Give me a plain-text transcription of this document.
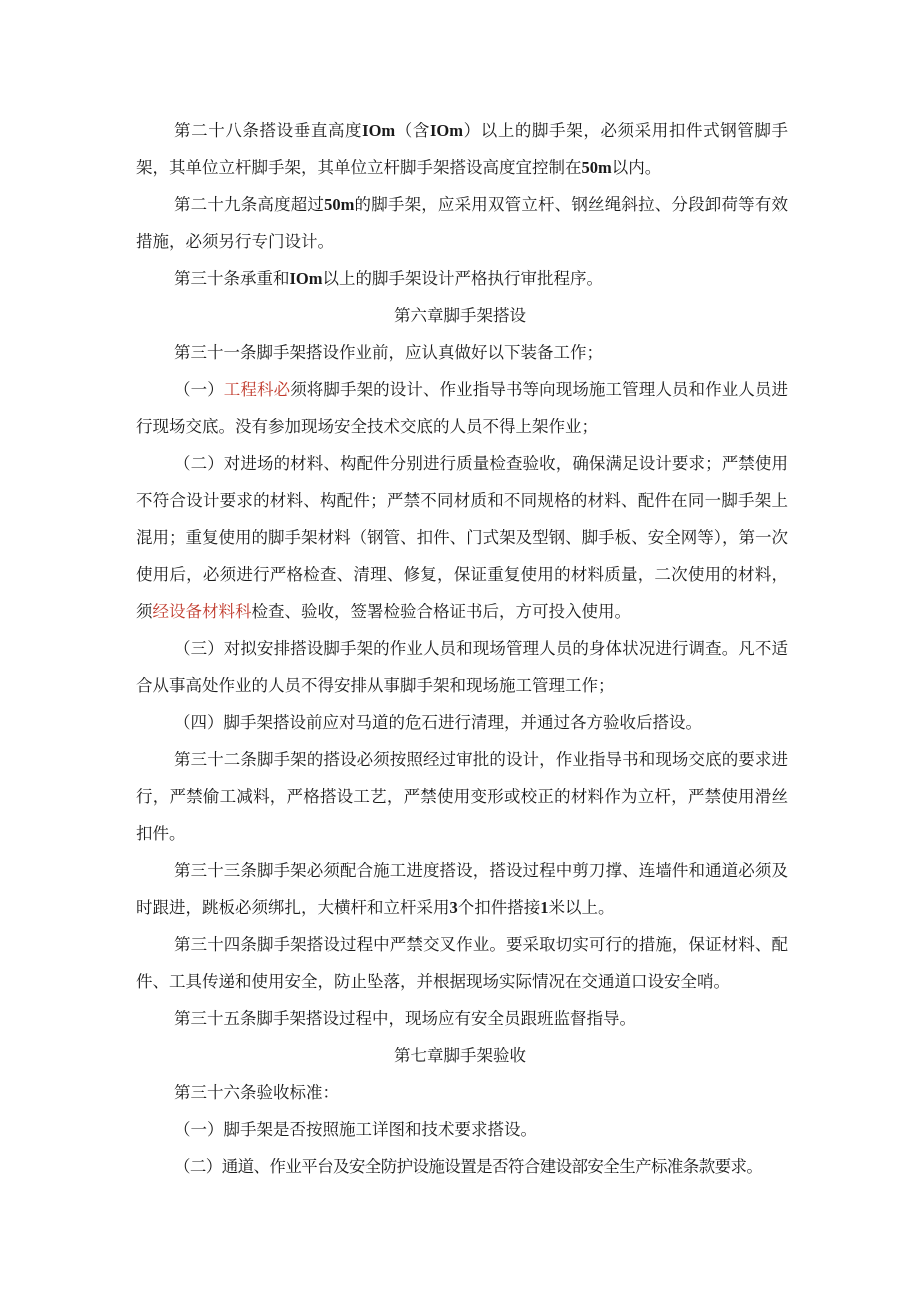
第二十八条搭设垂直高度IOm（含IOm）以上的脚手架，必须采用扣件式钢管脚手架，其单位立杆脚手架，其单位立杆脚手架搭设高度宜控制在50m以内。

第二十九条高度超过50m的脚手架，应采用双管立杆、钢丝绳斜拉、分段卸荷等有效措施，必须另行专门设计。

第三十条承重和IOm以上的脚手架设计严格执行审批程序。

第六章脚手架搭设

第三十一条脚手架搭设作业前，应认真做好以下装备工作；

（一）工程科必须将脚手架的设计、作业指导书等向现场施工管理人员和作业人员进行现场交底。没有参加现场安全技术交底的人员不得上架作业；

（二）对进场的材料、构配件分别进行质量检查验收，确保满足设计要求；严禁使用不符合设计要求的材料、构配件；严禁不同材质和不同规格的材料、配件在同一脚手架上混用；重复使用的脚手架材料（钢管、扣件、门式架及型钢、脚手板、安全网等），第一次使用后，必须进行严格检查、清理、修复，保证重复使用的材料质量，二次使用的材料，须经设备材料科检查、验收，签署检验合格证书后，方可投入使用。

（三）对拟安排搭设脚手架的作业人员和现场管理人员的身体状况进行调查。凡不适合从事高处作业的人员不得安排从事脚手架和现场施工管理工作；

（四）脚手架搭设前应对马道的危石进行清理，并通过各方验收后搭设。

第三十二条脚手架的搭设必须按照经过审批的设计，作业指导书和现场交底的要求进行，严禁偷工减料，严格搭设工艺，严禁使用变形或校正的材料作为立杆，严禁使用滑丝扣件。

第三十三条脚手架必须配合施工进度搭设，搭设过程中剪刀撑、连墙件和通道必须及时跟进，跳板必须绑扎，大横杆和立杆采用3个扣件搭接1米以上。

第三十四条脚手架搭设过程中严禁交叉作业。要采取切实可行的措施，保证材料、配件、工具传递和使用安全，防止坠落，并根据现场实际情况在交通道口设安全哨。

第三十五条脚手架搭设过程中，现场应有安全员跟班监督指导。

第七章脚手架验收

第三十六条验收标准：

（一）脚手架是否按照施工详图和技术要求搭设。

（二）通道、作业平台及安全防护设施设置是否符合建设部安全生产标准条款要求。
